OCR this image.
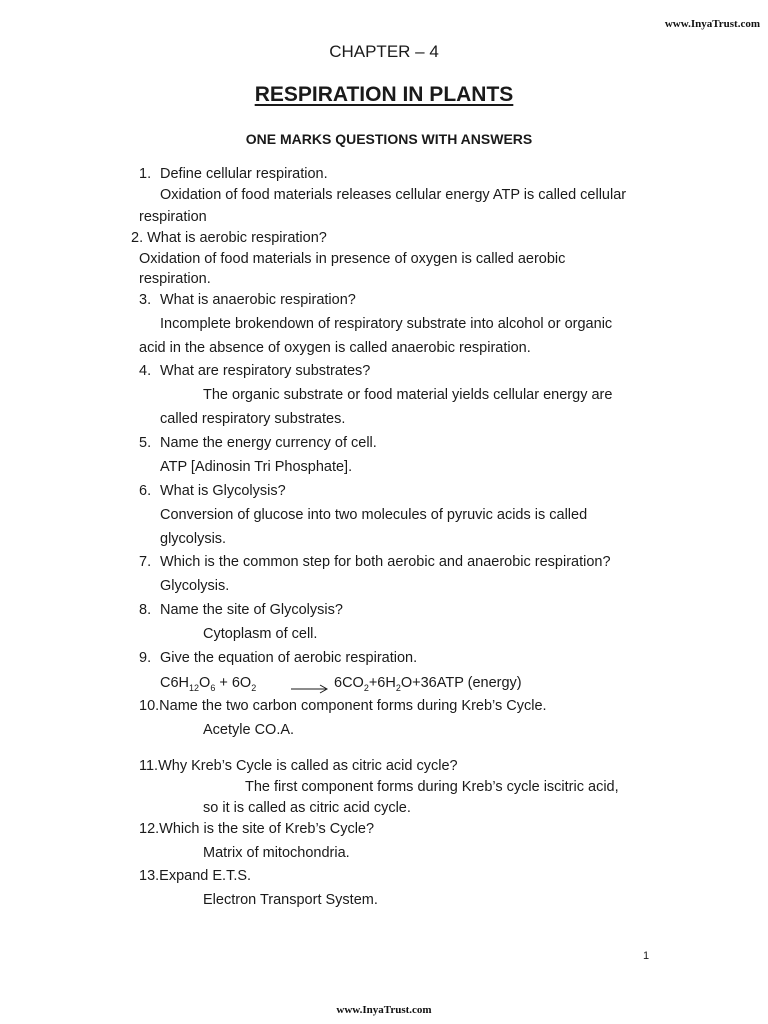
www.InyaTrust.com
CHAPTER – 4
RESPIRATION IN PLANTS
ONE MARKS QUESTIONS WITH ANSWERS
1. Define cellular respiration.
Oxidation of food materials releases cellular energy ATP is called cellular
respiration
2. What is aerobic respiration?
Oxidation of food materials in presence of oxygen is called aerobic
respiration.
3. What is anaerobic respiration?
Incomplete brokendown of respiratory substrate into alcohol or organic
acid in the absence of oxygen is called anaerobic respiration.
4. What are respiratory substrates?
The organic substrate or food material yields cellular energy are
called respiratory substrates.
5. Name the energy currency of cell.
ATP [Adinosin Tri Phosphate].
6. What is Glycolysis?
Conversion of glucose into two molecules of pyruvic acids is called
glycolysis.
7. Which is the common step for both aerobic and anaerobic respiration?
Glycolysis.
8. Name the site of Glycolysis?
Cytoplasm of cell.
9. Give the equation of aerobic respiration.
$C6H_{12}O_6 + 6O_2 \to 6CO_2+6H_2O+36ATP$ (energy)
10.Name the two carbon component forms during Kreb’s Cycle.
Acetyle CO.A.
11.Why Kreb’s Cycle is called as citric acid cycle?
The first component forms during Kreb’s cycle iscitric acid,
so it is called as citric acid cycle.
12.Which is the site of Kreb’s Cycle?
Matrix of mitochondria.
13.Expand E.T.S.
Electron Transport System.
1
www.InyaTrust.com
